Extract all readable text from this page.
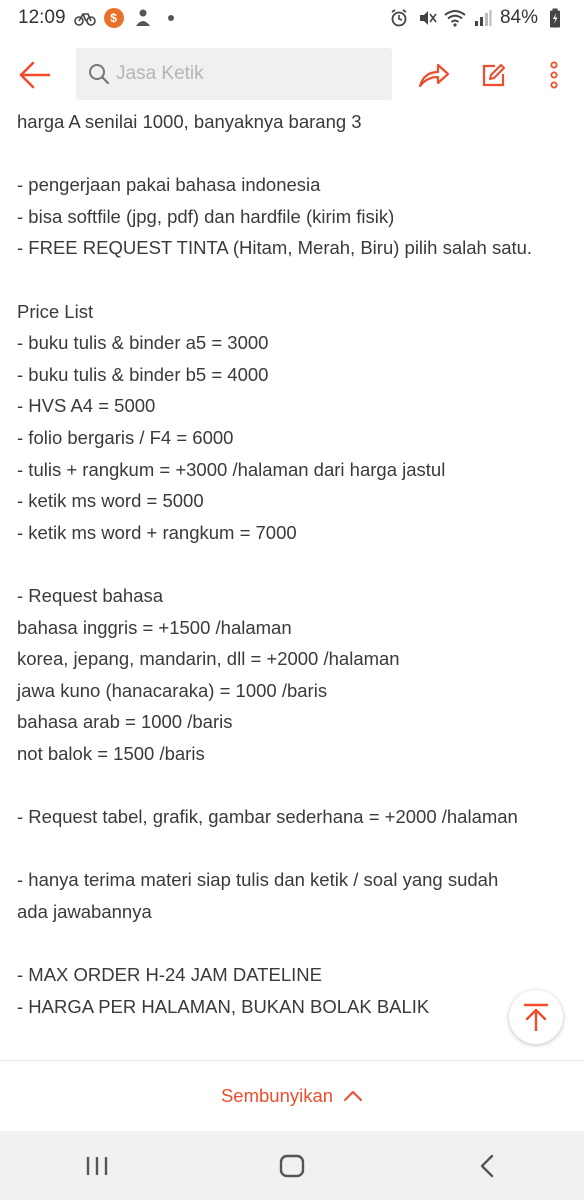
12:09	$	84%
Jasa Ketik
harga A senilai 1000, banyaknya barang 3
- pengerjaan pakai bahasa indonesia
- bisa softfile (jpg, pdf) dan hardfile (kirim fisik)
- FREE REQUEST TINTA (Hitam, Merah, Biru) pilih salah satu.
Price List
- buku tulis & binder a5 = 3000
- buku tulis & binder b5 = 4000
- HVS A4 = 5000
- folio bergaris / F4 = 6000
- tulis + rangkum = +3000 /halaman dari harga jastul
- ketik ms word = 5000
- ketik ms word + rangkum = 7000
- Request bahasa
bahasa inggris = +1500 /halaman
korea, jepang, mandarin, dll = +2000 /halaman
jawa kuno (hanacaraka) = 1000 /baris
bahasa arab = 1000 /baris
not balok = 1500 /baris
- Request tabel, grafik, gambar sederhana = +2000 /halaman
- hanya terima materi siap tulis dan ketik / soal yang sudah
ada jawabannya
- MAX ORDER H-24 JAM DATELINE
- HARGA PER HALAMAN, BUKAN BOLAK BALIK
Sembunyikan
